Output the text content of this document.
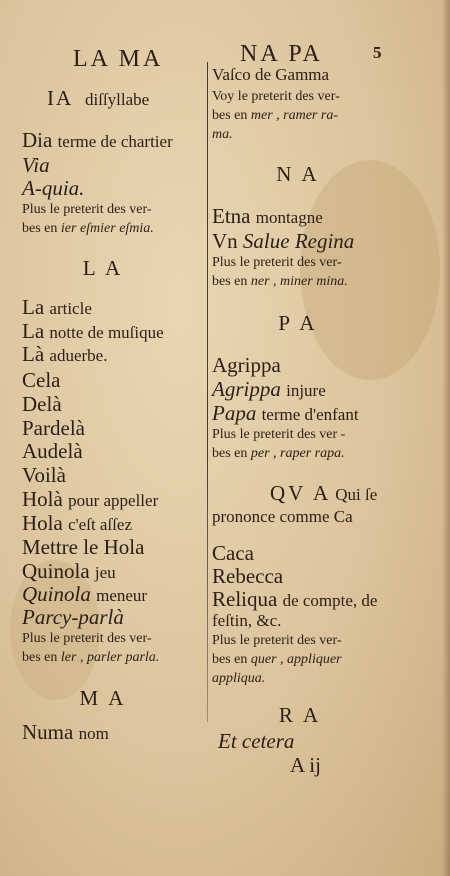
LA MA	NA PA	5
IA diſſyllabe
Dia terme de chartier
Via
A-quia.
Plus le preterit des ver-
bes en ier eſmier eſmia.
L A
La article
La notte de muſique
Là aduerbe.
Cela
Delà
Pardelà
Audelà
Voilà
Holà pour appeller
Hola c'eſt aſſez
Mettre le Hola
Quinola jeu
Quinola meneur
Parcy-parlà
Plus le preterit des ver-
bes en ler , parler parla.
M A
Numa nom
Vaſco de Gamma
Voy le preterit des ver-
bes en mer , ramer ra-
ma.
N A
Etna montagne
Vn Salue Regina
Plus le preterit des ver-
bes en ner , miner mina.
P A
Agrippa
Agrippa injure
Papa terme d'enfant
Plus le preterit des ver -
bes en per , raper rapa.
QV A Qui ſe
prononce comme Ca
Caca
Rebecca
Reliqua de compte, de
feſtin, &c.
Plus le preterit des ver-
bes en quer , appliquer
appliqua.
R A
Et cetera
A ij
